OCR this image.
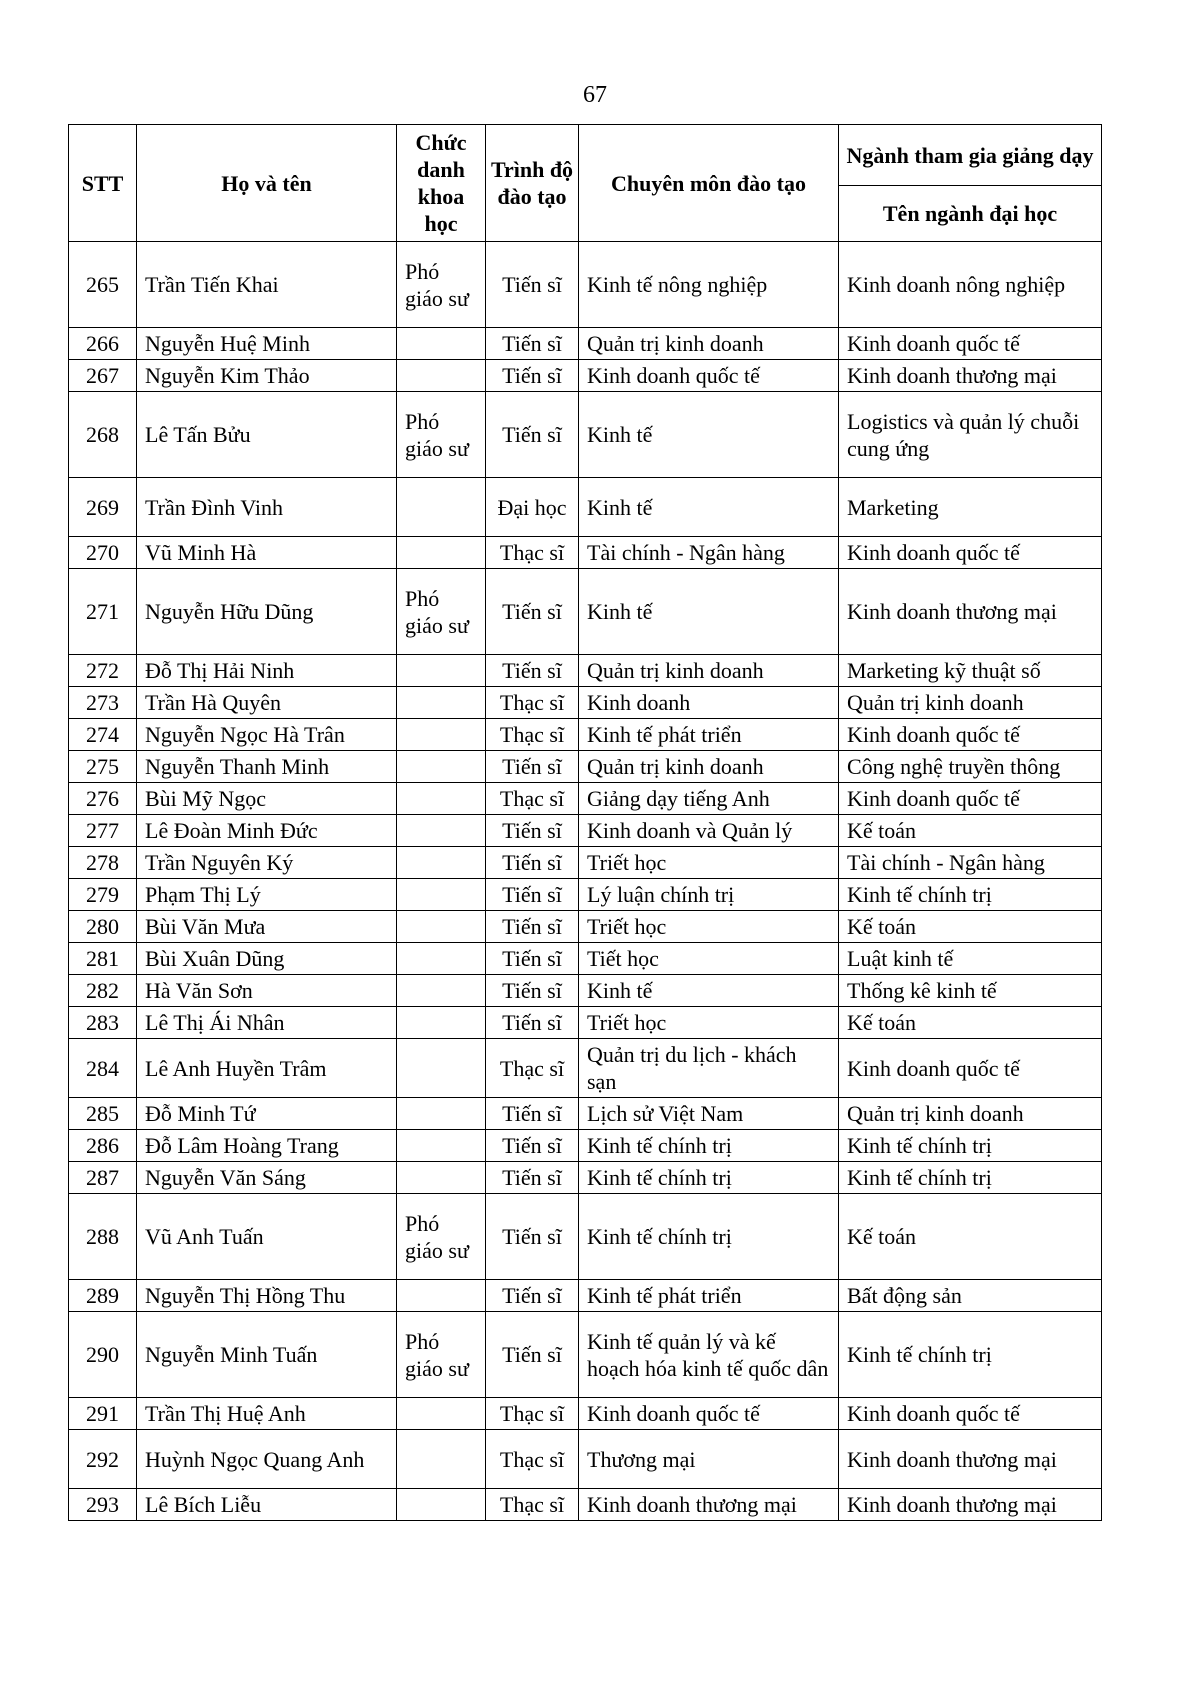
67
STT	Họ và tên	Chức danh khoa học	Trình độ đào tạo	Chuyên môn đào tạo	Ngành tham gia giảng dạy
					Tên ngành đại học
265	Trần Tiến Khai	Phó giáo sư	Tiến sĩ	Kinh tế nông nghiệp	Kinh doanh nông nghiệp
266	Nguyễn Huệ Minh		Tiến sĩ	Quản trị kinh doanh	Kinh doanh quốc tế
267	Nguyễn Kim Thảo		Tiến sĩ	Kinh doanh quốc tế	Kinh doanh thương mại
268	Lê Tấn Bửu	Phó giáo sư	Tiến sĩ	Kinh tế	Logistics và quản lý chuỗi cung ứng
269	Trần Đình Vinh		Đại học	Kinh tế	Marketing
270	Vũ Minh Hà		Thạc sĩ	Tài chính - Ngân hàng	Kinh doanh quốc tế
271	Nguyễn Hữu Dũng	Phó giáo sư	Tiến sĩ	Kinh tế	Kinh doanh thương mại
272	Đỗ Thị Hải Ninh		Tiến sĩ	Quản trị kinh doanh	Marketing kỹ thuật số
273	Trần Hà Quyên		Thạc sĩ	Kinh doanh	Quản trị kinh doanh
274	Nguyễn Ngọc Hà Trân		Thạc sĩ	Kinh tế phát triển	Kinh doanh quốc tế
275	Nguyễn Thanh Minh		Tiến sĩ	Quản trị kinh doanh	Công nghệ truyền thông
276	Bùi Mỹ Ngọc		Thạc sĩ	Giảng dạy tiếng Anh	Kinh doanh quốc tế
277	Lê Đoàn Minh Đức		Tiến sĩ	Kinh doanh và Quản lý	Kế toán
278	Trần Nguyên Ký		Tiến sĩ	Triết học	Tài chính - Ngân hàng
279	Phạm Thị Lý		Tiến sĩ	Lý luận chính trị	Kinh tế chính trị
280	Bùi Văn Mưa		Tiến sĩ	Triết học	Kế toán
281	Bùi Xuân Dũng		Tiến sĩ	Tiết học	Luật kinh tế
282	Hà Văn Sơn		Tiến sĩ	Kinh tế	Thống kê kinh tế
283	Lê Thị Ái Nhân		Tiến sĩ	Triết học	Kế toán
284	Lê Anh Huyền Trâm		Thạc sĩ	Quản trị du lịch - khách sạn	Kinh doanh quốc tế
285	Đỗ Minh Tứ		Tiến sĩ	Lịch sử Việt Nam	Quản trị kinh doanh
286	Đỗ Lâm Hoàng Trang		Tiến sĩ	Kinh tế chính trị	Kinh tế chính trị
287	Nguyễn Văn Sáng		Tiến sĩ	Kinh tế chính trị	Kinh tế chính trị
288	Vũ Anh Tuấn	Phó giáo sư	Tiến sĩ	Kinh tế chính trị	Kế toán
289	Nguyễn Thị Hồng Thu		Tiến sĩ	Kinh tế phát triển	Bất động sản
290	Nguyễn Minh Tuấn	Phó giáo sư	Tiến sĩ	Kinh tế quản lý và kế hoạch hóa kinh tế quốc dân	Kinh tế chính trị
291	Trần Thị Huệ Anh		Thạc sĩ	Kinh doanh quốc tế	Kinh doanh quốc tế
292	Huỳnh Ngọc Quang Anh		Thạc sĩ	Thương mại	Kinh doanh thương mại
293	Lê Bích Liễu		Thạc sĩ	Kinh doanh thương mại	Kinh doanh thương mại
